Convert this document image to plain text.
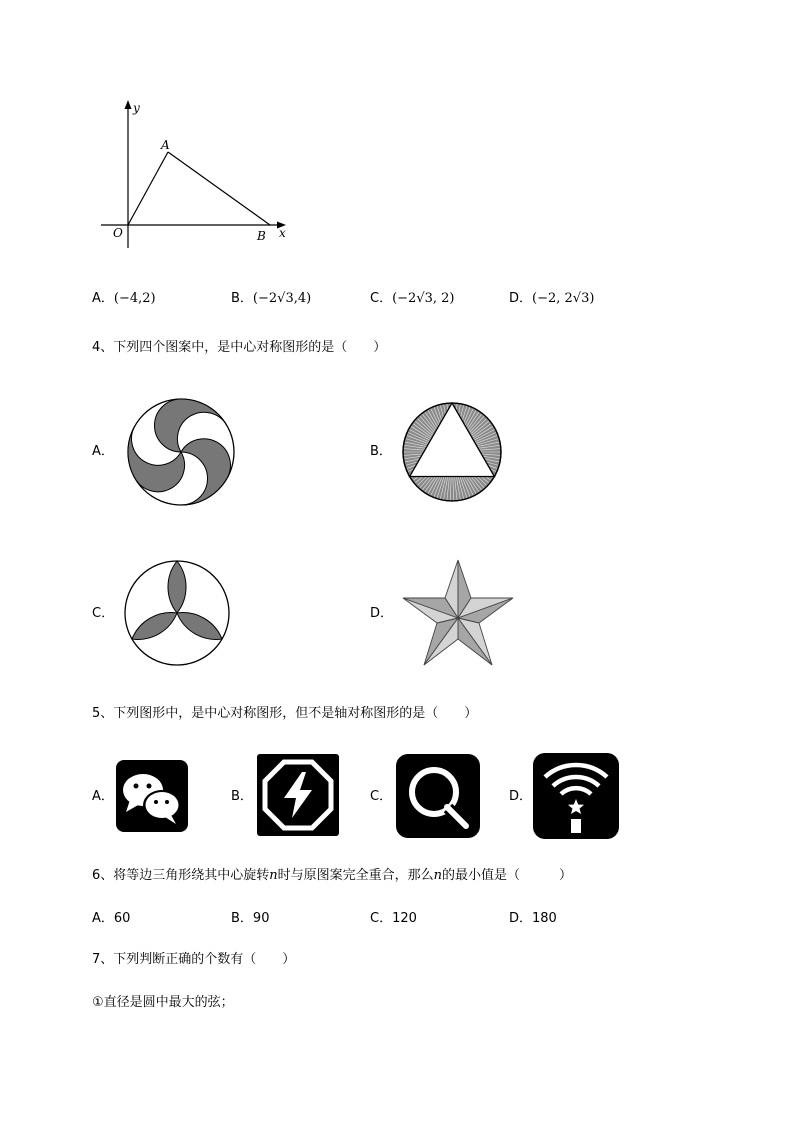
y
A
O	B x
A．(−4,2)	B．(−2√3,4)	C．(−2√3, 2)	D．(−2, 2√3)
4、下列四个图案中，是中心对称图形的是（　　）
A．	B．
C．	D．
5、下列图形中，是中心对称图形，但不是轴对称图形的是（　　）
A．	B．	C．	D．
6、将等边三角形绕其中心旋转n时与原图案完全重合，那么n的最小值是（　　　）
A．60	B．90	C．120	D．180
7、下列判断正确的个数有（　　）
①直径是圆中最大的弦；
